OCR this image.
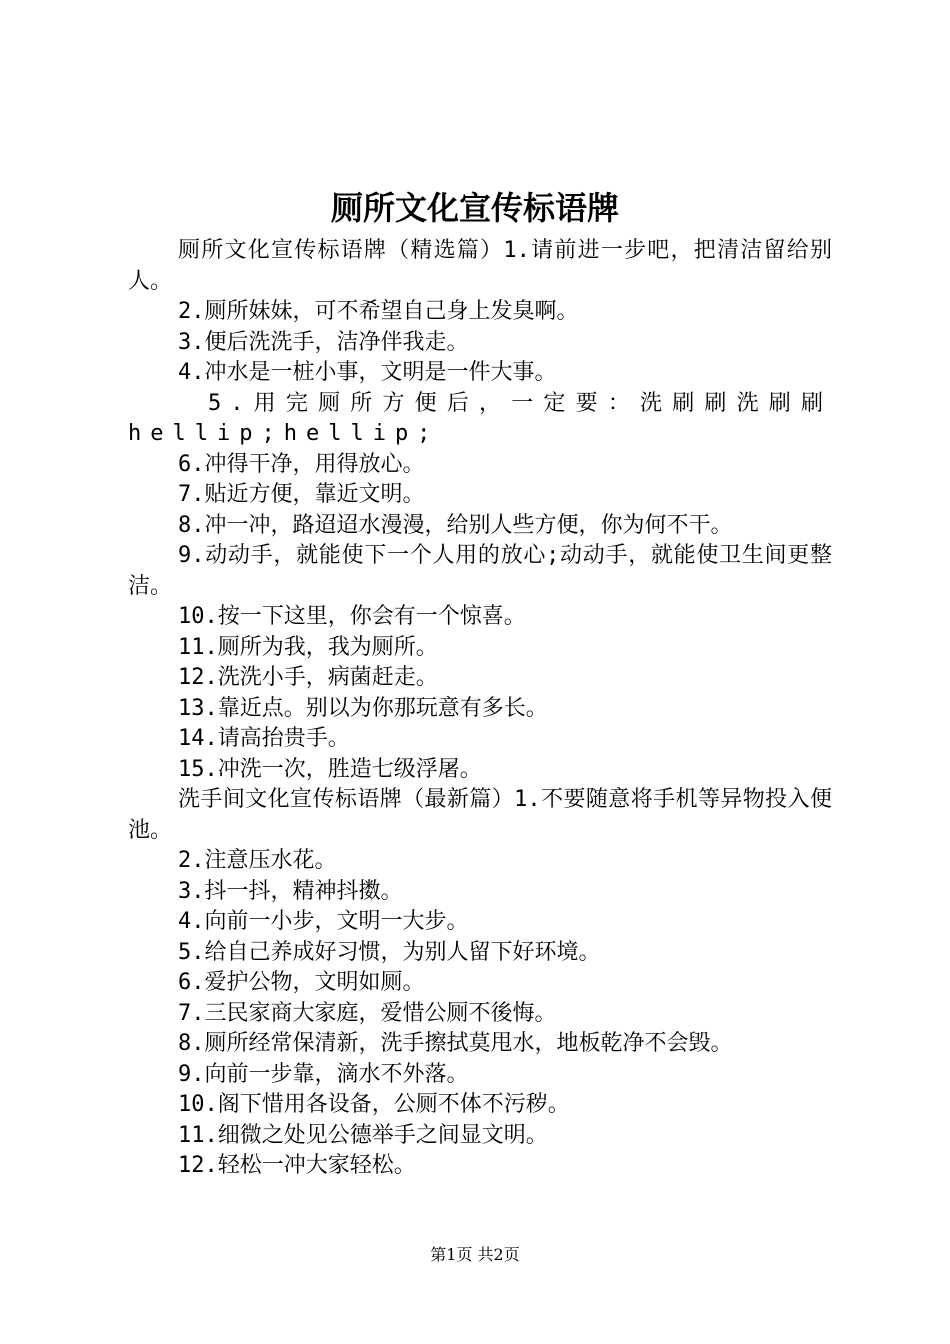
厕所文化宣传标语牌

厕所文化宣传标语牌（精选篇）1.请前进一步吧，把清洁留给别人。

2.厕所妹妹，可不希望自己身上发臭啊。

3.便后洗洗手，洁净伴我走。

4.冲水是一桩小事，文明是一件大事。

5.用完厕所方便后，一定要：洗刷刷洗刷刷hellip;hellip;

6.冲得干净，用得放心。

7.贴近方便，靠近文明。

8.冲一冲，路迢迢水漫漫，给别人些方便，你为何不干。

9.动动手，就能使下一个人用的放心;动动手，就能使卫生间更整洁。

10.按一下这里，你会有一个惊喜。

11.厕所为我，我为厕所。

12.洗洗小手，病菌赶走。

13.靠近点。别以为你那玩意有多长。

14.请高抬贵手。

15.冲洗一次，胜造七级浮屠。

洗手间文化宣传标语牌（最新篇）1.不要随意将手机等异物投入便池。

2.注意压水花。

3.抖一抖，精神抖擞。

4.向前一小步，文明一大步。

5.给自己养成好习惯，为别人留下好环境。

6.爱护公物，文明如厕。

7.三民家商大家庭，爱惜公厕不後悔。

8.厕所经常保清新，洗手擦拭莫甩水，地板乾净不会毁。

9.向前一步靠，滴水不外落。

10.阁下惜用各设备，公厕不体不污秽。

11.细微之处见公德举手之间显文明。

12.轻松一冲大家轻松。

第1页 共2页
